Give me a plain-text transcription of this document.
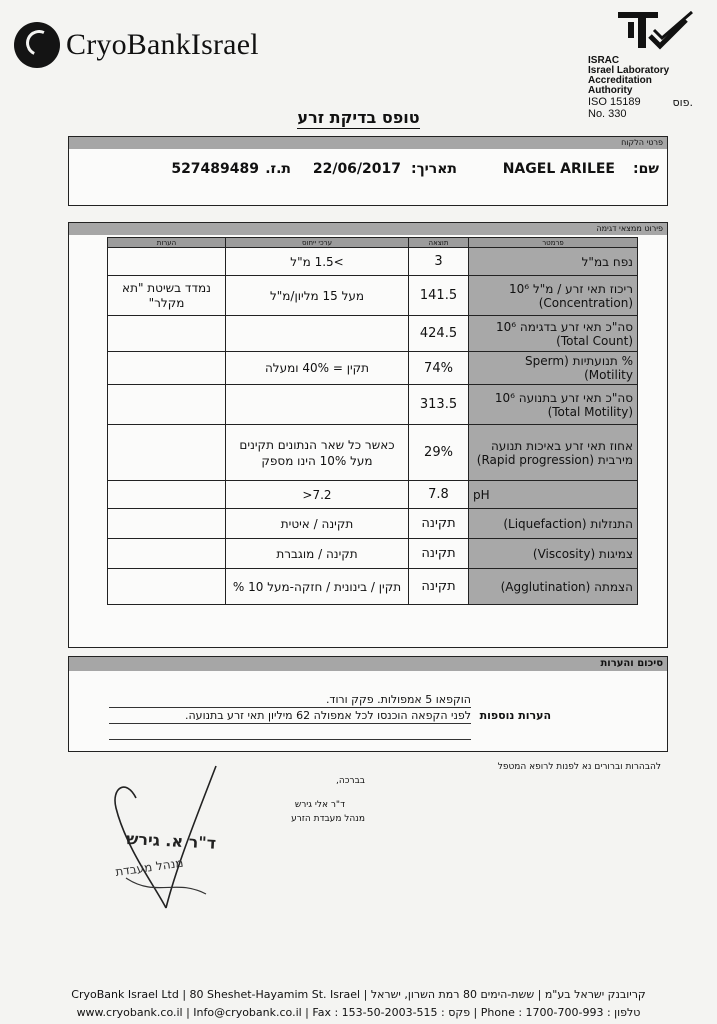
CryoBankIsrael	ISRAC
Israel Laboratory
Accreditation
Authority
ISO 15189
No. 330
פוס.
טופס בדיקת זרע
פרטי הלקוח
שם:
NAGEL ARILEE
תאריך:
22/06/2017
ת.ז.
527489489
פירוט ממצאי דגימה
פרמטר	תוצאה	ערכי ייחוס	הערות
נפח במ"ל	3	>1.5 מ"ל	
ריכוז תאי זרע / מ"ל 10⁶ (Concentration)	141.5	מעל 15 מליון/מ"ל	נמדד בשיטת "תא מקלר"
סה"כ תאי זרע בדגימה 10⁶ (Total Count)	424.5		
% תנועתיות (Sperm Motility)	74%	תקין = 40% ומעלה	
סה"כ תאי זרע בתנועה 10⁶ (Total Motility)	313.5		
אחוז תאי זרע באיכות תנועה מירבית (Rapid progression)	29%	כאשר כל שאר הנתונים תקינים מעל 10% הינו מספק	
pH	7.8	7.2<	
התנזלות (Liquefaction)	תקינה	תקינה / איטית	
צמיגות (Viscosity)	תקינה	תקינה / מוגברת	
הצמתה (Agglutination)	תקינה	תקין / בינונית / חזקה-מעל 10 %	
סיכום והערות
הערות נוספות
הוקפאו 5 אמפולות. פקק ורוד.
לפני הקפאה הוכנסו לכל אמפולה 62 מיליון תאי זרע בתנועה.
להבהרות וברורים נא לפנות לרופא המטפל
בברכה,
ד"ר אלי גירש
מנהל מעבדת הזרע
ד"ר א. גירש
מנהל מעבדת
CryoBank Israel Ltd | 80 Sheshet-Hayamim St. Israel | קריובנק ישראל בע"מ | ששת-הימים 80 רמת השרון, ישראל
www.cryobank.co.il | Info@cryobank.co.il | Fax : 153-50-2003-515 : פקס | Phone : 1700-700-993 : טלפון
